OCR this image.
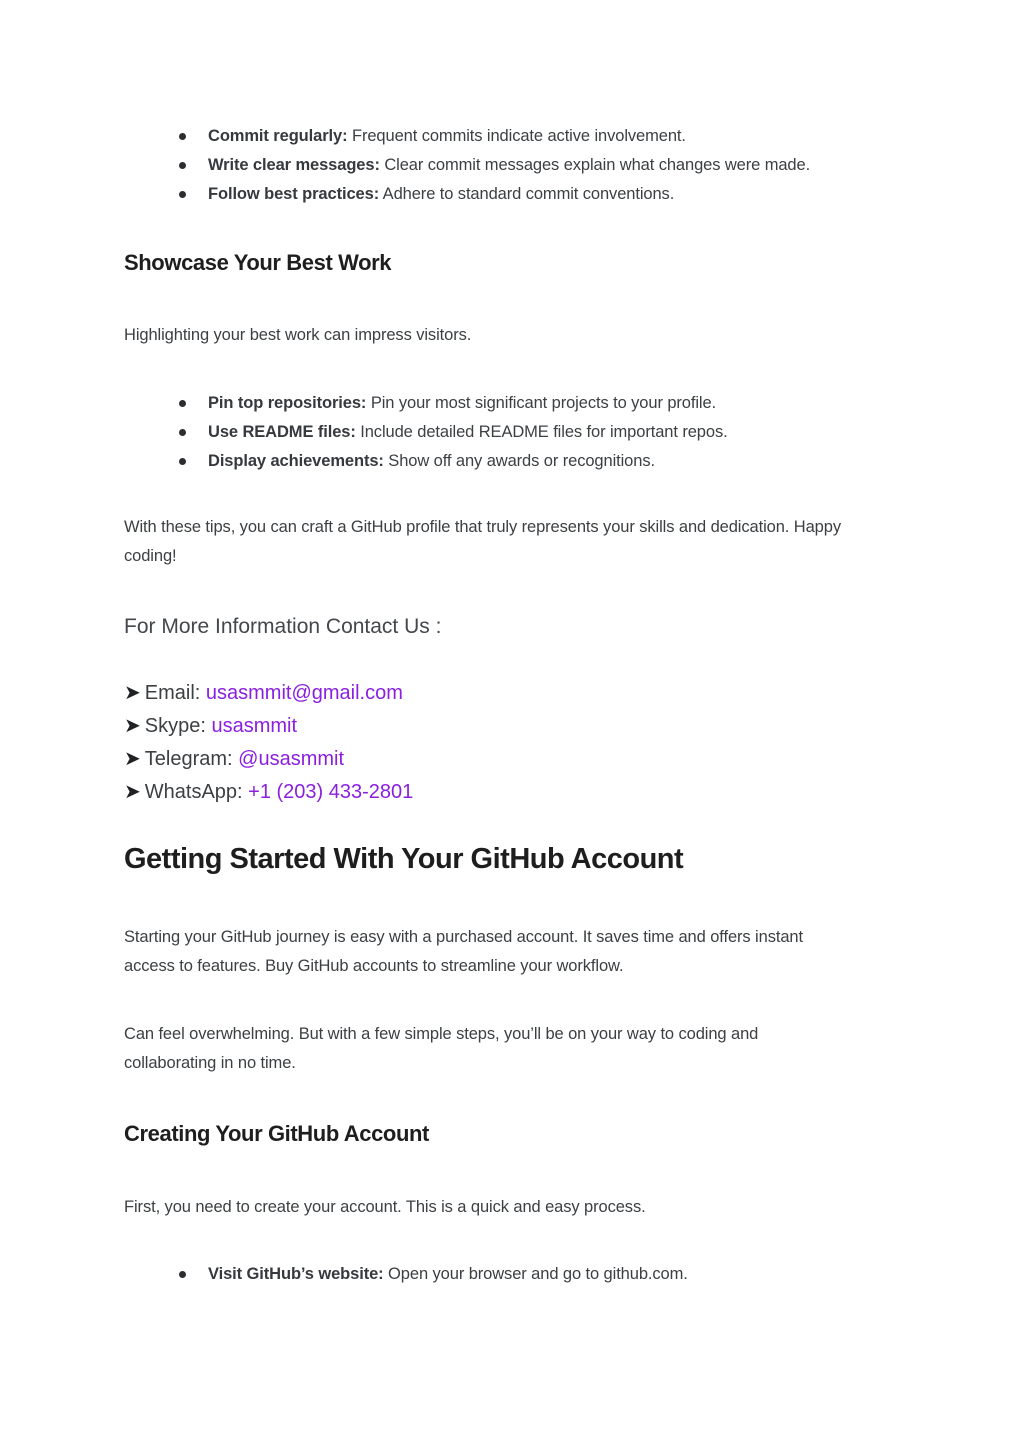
Commit regularly: Frequent commits indicate active involvement.
Write clear messages: Clear commit messages explain what changes were made.
Follow best practices: Adhere to standard commit conventions.
Showcase Your Best Work

Highlighting your best work can impress visitors.

Pin top repositories: Pin your most significant projects to your profile.
Use README files: Include detailed README files for important repos.
Display achievements: Show off any awards or recognitions.

With these tips, you can craft a GitHub profile that truly represents your skills and dedication. Happy coding!

For More Information Contact Us :

➤ Email: usasmmit@gmail.com
➤ Skype: usasmmit
➤ Telegram: @usasmmit
➤ WhatsApp: +1 (203) 433-2801
Getting Started With Your GitHub Account

Starting your GitHub journey is easy with a purchased account. It saves time and offers instant access to features. Buy GitHub accounts to streamline your workflow.

Can feel overwhelming. But with a few simple steps, you’ll be on your way to coding and collaborating in no time.

Creating Your GitHub Account

First, you need to create your account. This is a quick and easy process.

Visit GitHub’s website: Open your browser and go to github.com.
